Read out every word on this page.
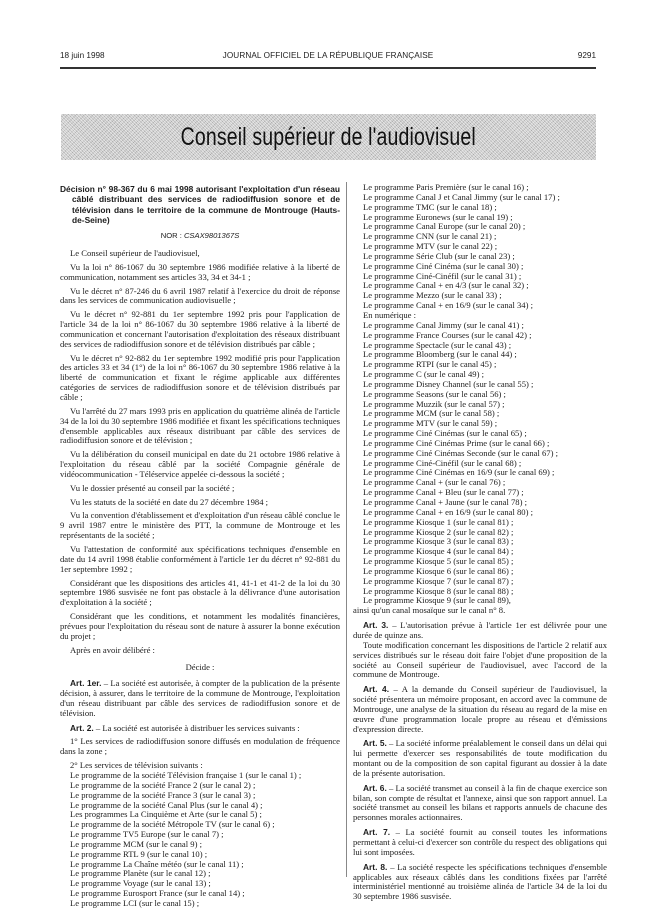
18 juin 1998	JOURNAL OFFICIEL DE LA RÉPUBLIQUE FRANÇAISE	9291
Conseil supérieur de l'audiovisuel

Décision n° 98-367 du 6 mai 1998 autorisant l'exploitation d'un réseau câblé distribuant des services de radiodiffusion sonore et de télévision dans le territoire de la commune de Montrouge (Hauts-de-Seine)

NOR : CSAX9801367S

Le Conseil supérieur de l'audiovisuel,

Vu la loi n° 86-1067 du 30 septembre 1986 modifiée relative à la liberté de communication, notamment ses articles 33, 34 et 34-1 ;

Vu le décret n° 87-246 du 6 avril 1987 relatif à l'exercice du droit de réponse dans les services de communication audiovisuelle ;

Vu le décret n° 92-881 du 1er septembre 1992 pris pour l'application de l'article 34 de la loi n° 86-1067 du 30 septembre 1986 relative à la liberté de communication et concernant l'autorisation d'exploitation des réseaux distribuant des services de radiodiffusion sonore et de télévision distribués par câble ;

Vu le décret n° 92-882 du 1er septembre 1992 modifié pris pour l'application des articles 33 et 34 (1°) de la loi n° 86-1067 du 30 septembre 1986 relative à la liberté de communication et fixant le régime applicable aux différentes catégories de services de radiodiffusion sonore et de télévision distribués par câble ;

Vu l'arrêté du 27 mars 1993 pris en application du quatrième alinéa de l'article 34 de la loi du 30 septembre 1986 modifiée et fixant les spécifications techniques d'ensemble applicables aux réseaux distribuant par câble des services de radiodiffusion sonore et de télévision ;

Vu la délibération du conseil municipal en date du 21 octobre 1986 relative à l'exploitation du réseau câblé par la société Compagnie générale de vidéocommunication - Téléservice appelée ci-dessous la société ;

Vu le dossier présenté au conseil par la société ;

Vu les statuts de la société en date du 27 décembre 1984 ;

Vu la convention d'établissement et d'exploitation d'un réseau câblé conclue le 9 avril 1987 entre le ministère des PTT, la commune de Montrouge et les représentants de la société ;

Vu l'attestation de conformité aux spécifications techniques d'ensemble en date du 14 avril 1998 établie conformément à l'article 1er du décret n° 92-881 du 1er septembre 1992 ;

Considérant que les dispositions des articles 41, 41-1 et 41-2 de la loi du 30 septembre 1986 susvisée ne font pas obstacle à la délivrance d'une autorisation d'exploitation à la société ;

Considérant que les conditions, et notamment les modalités financières, prévues pour l'exploitation du réseau sont de nature à assurer la bonne exécution du projet ;

Après en avoir délibéré :

Décide :

Art. 1er. – La société est autorisée, à compter de la publication de la présente décision, à assurer, dans le territoire de la commune de Montrouge, l'exploitation d'un réseau distribuant par câble des services de radiodiffusion sonore et de télévision.

Art. 2. – La société est autorisée à distribuer les services suivants :

1° Les services de radiodiffusion sonore diffusés en modulation de fréquence dans la zone ;

2° Les services de télévision suivants :

Le programme de la société Télévision française 1 (sur le canal 1) ;

Le programme de la société France 2 (sur le canal 2) ;

Le programme de la société France 3 (sur le canal 3) ;

Le programme de la société Canal Plus (sur le canal 4) ;

Les programmes La Cinquième et Arte (sur le canal 5) ;

Le programme de la société Métropole TV (sur le canal 6) ;

Le programme TV5 Europe (sur le canal 7) ;

Le programme MCM (sur le canal 9) ;

Le programme RTL 9 (sur le canal 10) ;

Le programme La Chaîne météo (sur le canal 11) ;

Le programme Planète (sur le canal 12) ;

Le programme Voyage (sur le canal 13) ;

Le programme Eurosport France (sur le canal 14) ;

Le programme LCI (sur le canal 15) ;

Le programme Paris Première (sur le canal 16) ;

Le programme Canal J et Canal Jimmy (sur le canal 17) ;

Le programme TMC (sur le canal 18) ;

Le programme Euronews (sur le canal 19) ;

Le programme Canal Europe (sur le canal 20) ;

Le programme CNN (sur le canal 21) ;

Le programme MTV (sur le canal 22) ;

Le programme Série Club (sur le canal 23) ;

Le programme Ciné Cinéma (sur le canal 30) ;

Le programme Ciné-Cinéfil (sur le canal 31) ;

Le programme Canal + en 4/3 (sur le canal 32) ;

Le programme Mezzo (sur le canal 33) ;

Le programme Canal + en 16/9 (sur le canal 34) ;

En numérique :

Le programme Canal Jimmy (sur le canal 41) ;

Le programme France Courses (sur le canal 42) ;

Le programme Spectacle (sur le canal 43) ;

Le programme Bloomberg (sur le canal 44) ;

Le programme RTPI (sur le canal 45) ;

Le programme C (sur le canal 49) ;

Le programme Disney Channel (sur le canal 55) ;

Le programme Seasons (sur le canal 56) ;

Le programme Muzzik (sur le canal 57) ;

Le programme MCM (sur le canal 58) ;

Le programme MTV (sur le canal 59) ;

Le programme Ciné Cinémas (sur le canal 65) ;

Le programme Ciné Cinémas Prime (sur le canal 66) ;

Le programme Ciné Cinémas Seconde (sur le canal 67) ;

Le programme Ciné-Cinéfil (sur le canal 68) ;

Le programme Ciné Cinémas en 16/9 (sur le canal 69) ;

Le programme Canal + (sur le canal 76) ;

Le programme Canal + Bleu (sur le canal 77) ;

Le programme Canal + Jaune (sur le canal 78) ;

Le programme Canal + en 16/9 (sur le canal 80) ;

Le programme Kiosque 1 (sur le canal 81) ;

Le programme Kiosque 2 (sur le canal 82) ;

Le programme Kiosque 3 (sur le canal 83) ;

Le programme Kiosque 4 (sur le canal 84) ;

Le programme Kiosque 5 (sur le canal 85) ;

Le programme Kiosque 6 (sur le canal 86) ;

Le programme Kiosque 7 (sur le canal 87) ;

Le programme Kiosque 8 (sur le canal 88) ;

Le programme Kiosque 9 (sur le canal 89),

ainsi qu'un canal mosaïque sur le canal n° 8.

Art. 3. – L'autorisation prévue à l'article 1er est délivrée pour une durée de quinze ans.

Toute modification concernant les dispositions de l'article 2 relatif aux services distribués sur le réseau doit faire l'objet d'une proposition de la société au Conseil supérieur de l'audiovisuel, avec l'accord de la commune de Montrouge.

Art. 4. – A la demande du Conseil supérieur de l'audiovisuel, la société présentera un mémoire proposant, en accord avec la commune de Montrouge, une analyse de la situation du réseau au regard de la mise en œuvre d'une programmation locale propre au réseau et d'émissions d'expression directe.

Art. 5. – La société informe préalablement le conseil dans un délai qui lui permette d'exercer ses responsabilités de toute modification du montant ou de la composition de son capital figurant au dossier à la date de la présente autorisation.

Art. 6. – La société transmet au conseil à la fin de chaque exercice son bilan, son compte de résultat et l'annexe, ainsi que son rapport annuel. La société transmet au conseil les bilans et rapports annuels de chacune des personnes morales actionnaires.

Art. 7. – La société fournit au conseil toutes les informations permettant à celui-ci d'exercer son contrôle du respect des obligations qui lui sont imposées.

Art. 8. – La société respecte les spécifications techniques d'ensemble applicables aux réseaux câblés dans les conditions fixées par l'arrêté interministériel mentionné au troisième alinéa de l'article 34 de la loi du 30 septembre 1986 susvisée.
